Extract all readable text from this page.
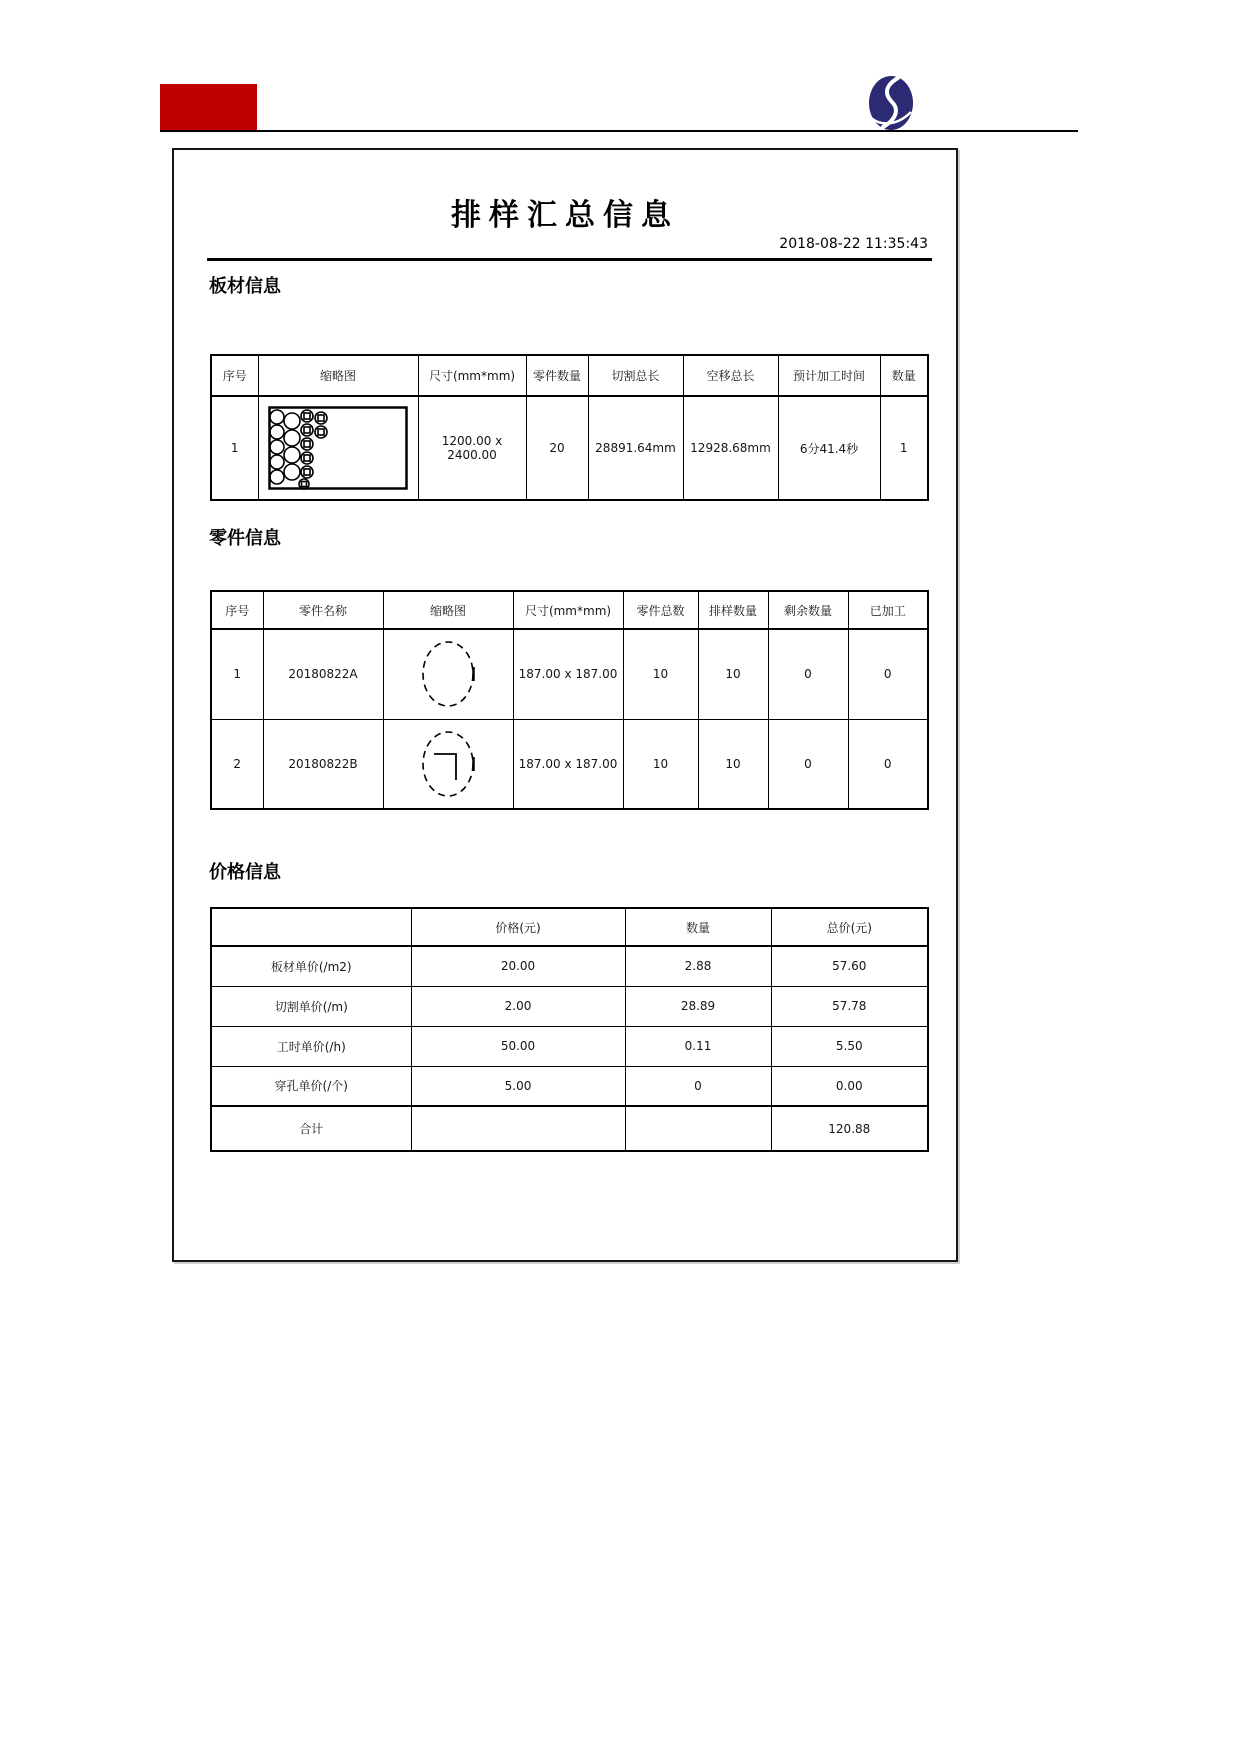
排样汇总信息
2018-08-22 11:35:43
板材信息
序号	缩略图	尺寸(mm*mm)	零件数量	切割总长	空移总长	预计加工时间	数量
1		1200.00 x 2400.00	20	28891.64mm	12928.68mm	6分41.4秒	1
零件信息
序号	零件名称	缩略图	尺寸(mm*mm)	零件总数	排样数量	剩余数量	已加工
1	20180822A		187.00 x 187.00	10	10	0	0
2	20180822B		187.00 x 187.00	10	10	0	0
价格信息
	价格(元)	数量	总价(元)
板材单价(/m2)	20.00	2.88	57.60
切割单价(/m)	2.00	28.89	57.78
工时单价(/h)	50.00	0.11	5.50
穿孔单价(/个)	5.00	0	0.00
合计			120.88
